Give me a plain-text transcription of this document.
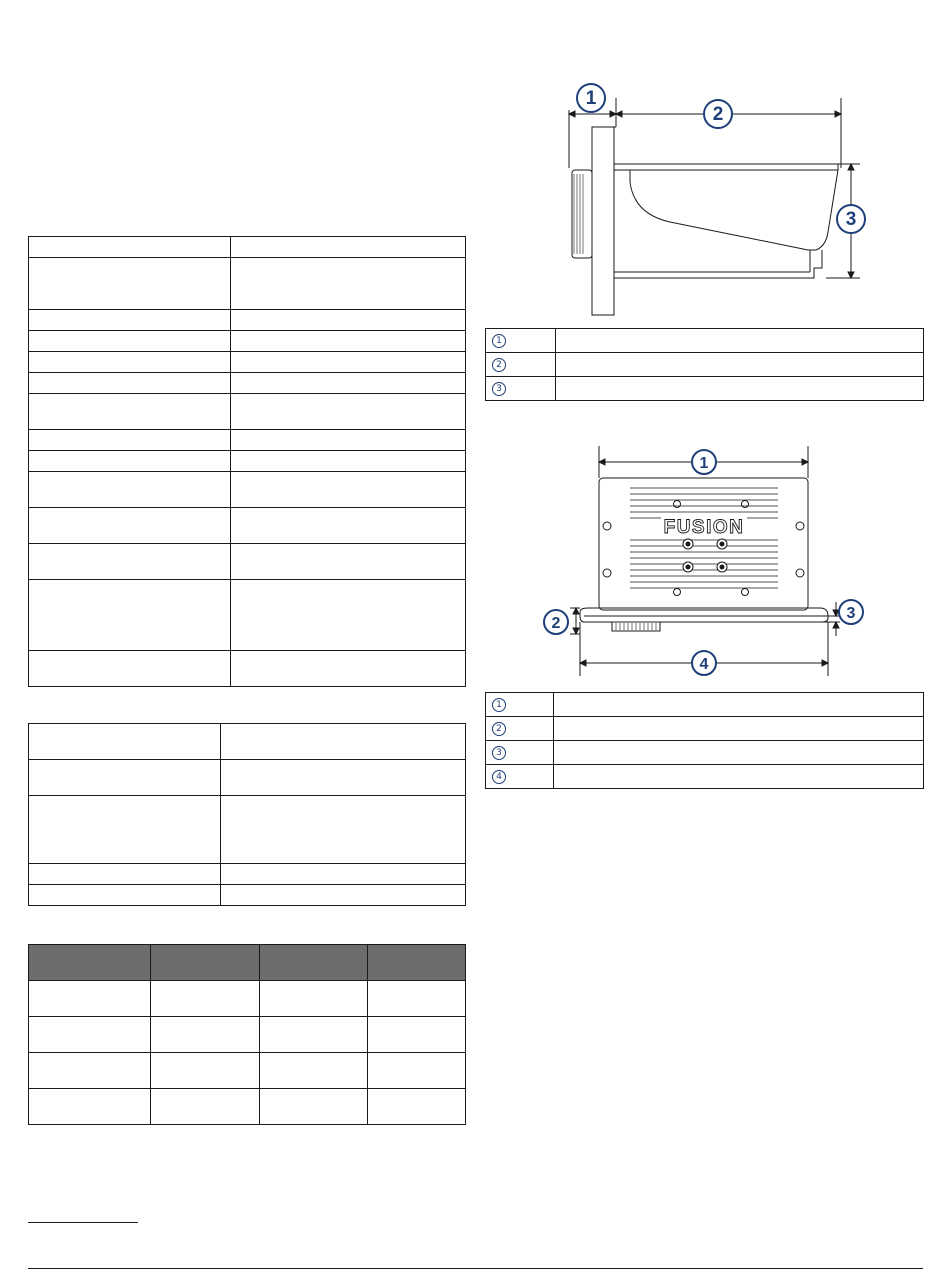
1
2
3
1	
2	
3	
FUSION
1
2
3
4
1	
2	
3	
4	
